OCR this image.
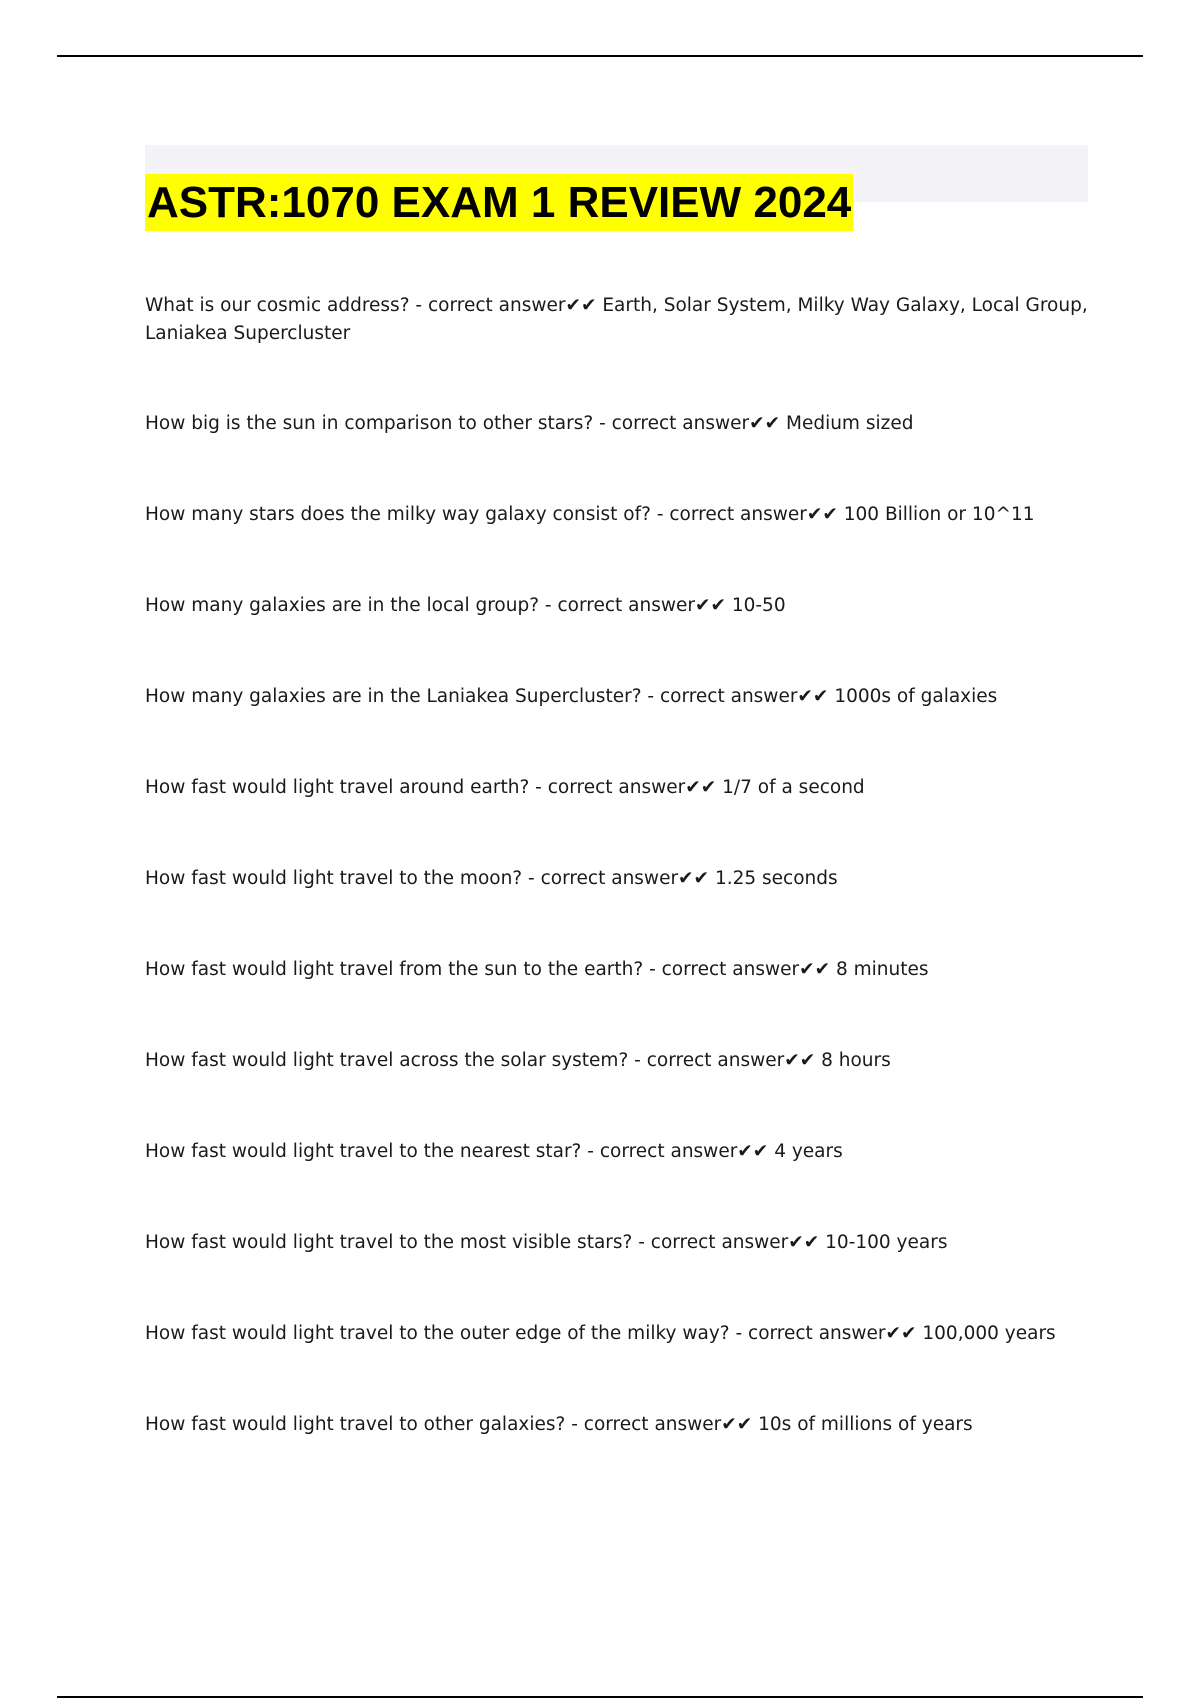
ASTR:1070 EXAM 1 REVIEW 2024
What is our cosmic address? - correct answer✔✔ Earth, Solar System, Milky Way Galaxy, Local Group, Laniakea Supercluster
How big is the sun in comparison to other stars? - correct answer✔✔ Medium sized
How many stars does the milky way galaxy consist of? - correct answer✔✔ 100 Billion or 10^11
How many galaxies are in the local group? - correct answer✔✔ 10-50
How many galaxies are in the Laniakea Supercluster? - correct answer✔✔ 1000s of galaxies
How fast would light travel around earth? - correct answer✔✔ 1/7 of a second
How fast would light travel to the moon? - correct answer✔✔ 1.25 seconds
How fast would light travel from the sun to the earth? - correct answer✔✔ 8 minutes
How fast would light travel across the solar system? - correct answer✔✔ 8 hours
How fast would light travel to the nearest star? - correct answer✔✔ 4 years
How fast would light travel to the most visible stars? - correct answer✔✔ 10-100 years
How fast would light travel to the outer edge of the milky way? - correct answer✔✔ 100,000 years
How fast would light travel to other galaxies? - correct answer✔✔ 10s of millions of years
